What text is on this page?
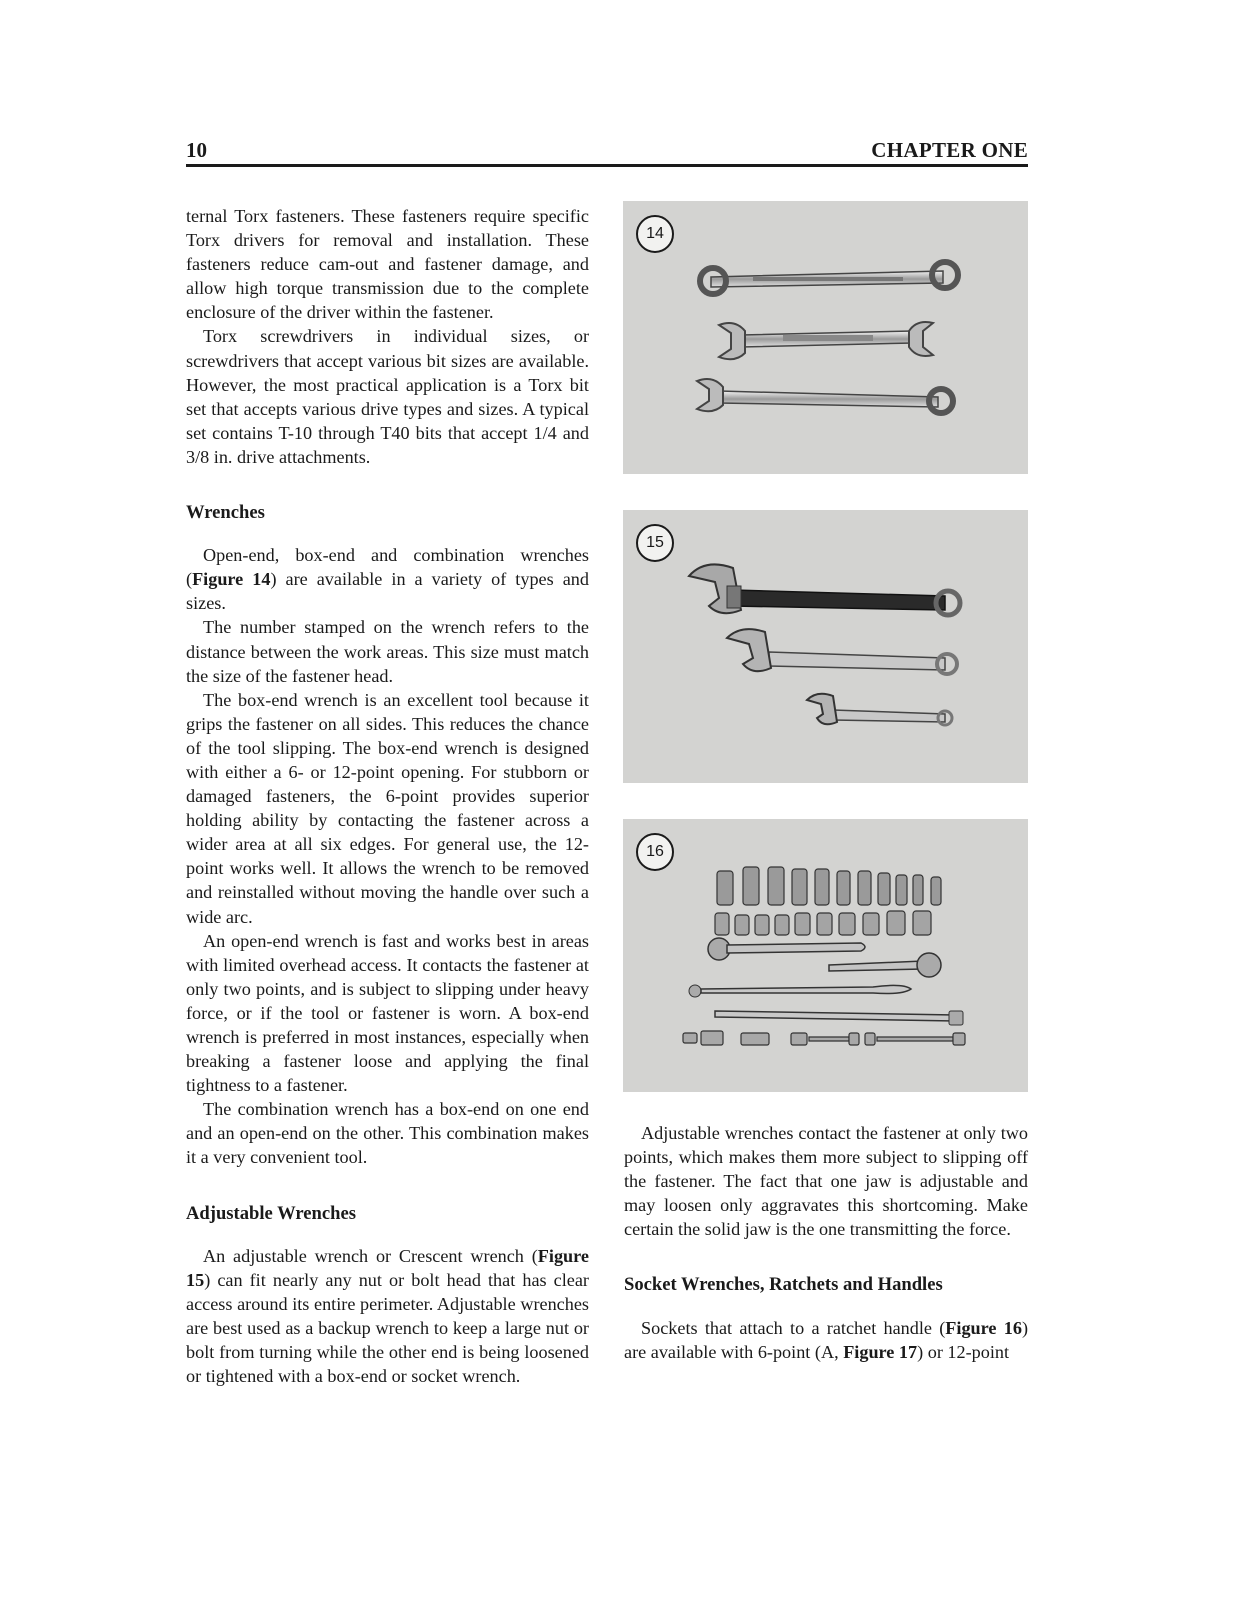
10	CHAPTER ONE

ternal Torx fasteners. These fasteners require specific Torx drivers for removal and installation. These fasteners reduce cam-out and fastener damage, and allow high torque transmission due to the complete enclosure of the driver within the fastener.

Torx screwdrivers in individual sizes, or screwdrivers that accept various bit sizes are available. However, the most practical application is a Torx bit set that accepts various drive types and sizes. A typical set contains T-10 through T40 bits that accept 1/4 and 3/8 in. drive attachments.

Wrenches

Open-end, box-end and combination wrenches (Figure 14) are available in a variety of types and sizes.

The number stamped on the wrench refers to the distance between the work areas. This size must match the size of the fastener head.

The box-end wrench is an excellent tool because it grips the fastener on all sides. This reduces the chance of the tool slipping. The box-end wrench is designed with either a 6- or 12-point opening. For stubborn or damaged fasteners, the 6-point provides superior holding ability by contacting the fastener across a wider area at all six edges. For general use, the 12-point works well. It allows the wrench to be removed and reinstalled without moving the handle over such a wide arc.

An open-end wrench is fast and works best in areas with limited overhead access. It contacts the fastener at only two points, and is subject to slipping under heavy force, or if the tool or fastener is worn. A box-end wrench is preferred in most instances, especially when breaking a fastener loose and applying the final tightness to a fastener.

The combination wrench has a box-end on one end and an open-end on the other. This combination makes it a very convenient tool.

Adjustable Wrenches

An adjustable wrench or Crescent wrench (Figure 15) can fit nearly any nut or bolt head that has clear access around its entire perimeter. Adjustable wrenches are best used as a backup wrench to keep a large nut or bolt from turning while the other end is being loosened or tightened with a box-end or socket wrench.

14
15
16

Adjustable wrenches contact the fastener at only two points, which makes them more subject to slipping off the fastener. The fact that one jaw is adjustable and may loosen only aggravates this shortcoming. Make certain the solid jaw is the one transmitting the force.

Socket Wrenches, Ratchets and Handles

Sockets that attach to a ratchet handle (Figure 16) are available with 6-point (A, Figure 17) or 12-point
